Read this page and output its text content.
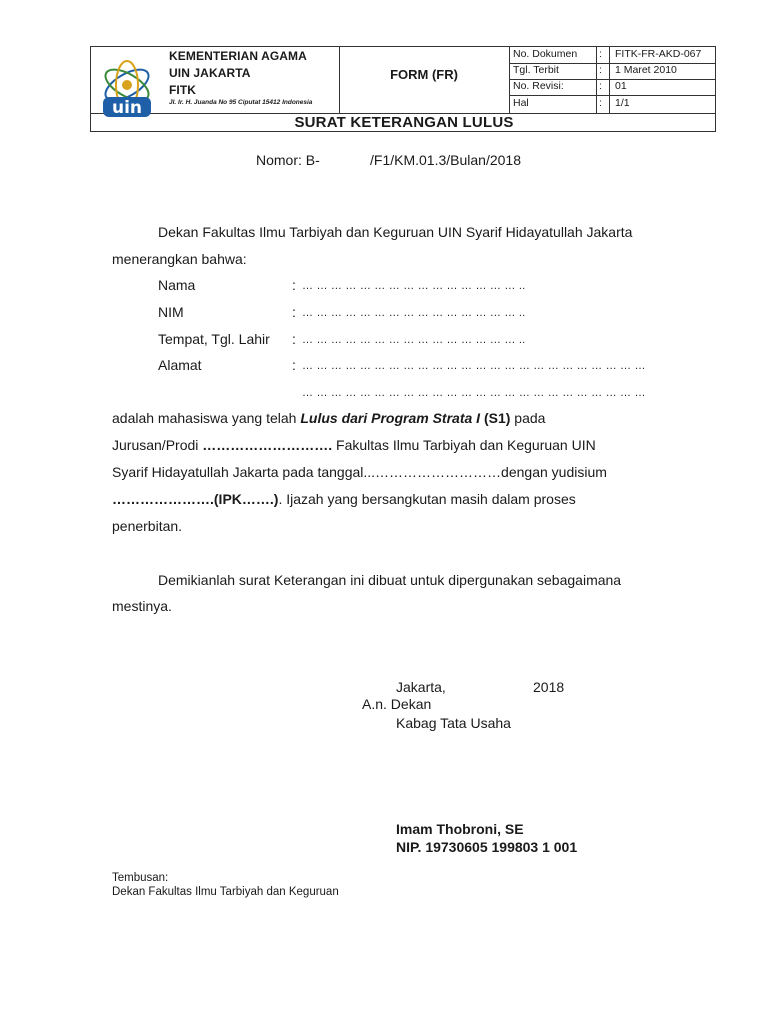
uin
KEMENTERIAN AGAMA
UIN JAKARTA
FITK
Jl. Ir. H. Juanda No 95 Ciputat 15412 Indonesia
FORM (FR)
No. Dokumen : FITK-FR-AKD-067
Tgl. Terbit	: 1 Maret 2010
No. Revisi:	: 01
Hal	: 1/1
SURAT KETERANGAN LULUS
Nomor: B-	/F1/KM.01.3/Bulan/2018
Dekan Fakultas Ilmu Tarbiyah dan Keguruan UIN Syarif Hidayatullah Jakarta
menerangkan bahwa:
Nama	: … … … … … … … … … … … … … … … ..
NIM	: … … … … … … … … … … … … … … … ..
Tempat, Tgl. Lahir : … … … … … … … … … … … … … … … ..
Alamat	: … … … … … … … … … … … … … … … … … … … … … … … …
… … … … … … … … … … … … … … … … … … … … … … … …
adalah mahasiswa yang telah Lulus dari Program Strata I (S1) pada
Jurusan/Prodi ………………………. Fakultas Ilmu Tarbiyah dan Keguruan UIN
Syarif Hidayatullah Jakarta pada tanggal...………………………dengan yudisium
………………….(IPK…….). Ijazah yang bersangkutan masih dalam proses
penerbitan.
Demikianlah surat Keterangan ini dibuat untuk dipergunakan sebagaimana
mestinya.
Jakarta,	2018
A.n. Dekan
Kabag Tata Usaha
Imam Thobroni, SE
NIP. 19730605 199803 1 001
Tembusan:
Dekan Fakultas Ilmu Tarbiyah dan Keguruan
